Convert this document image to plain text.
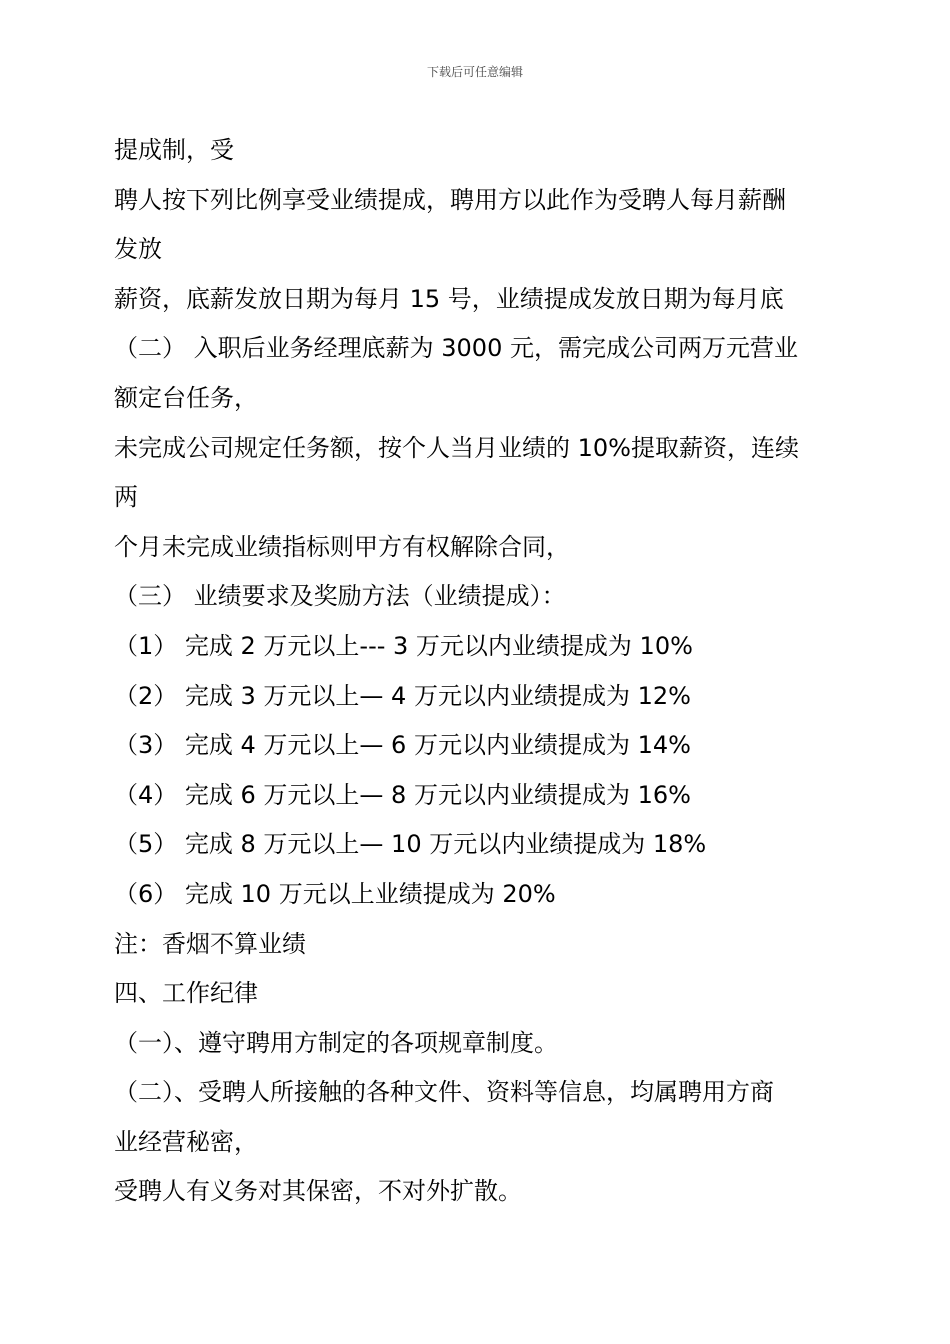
下载后可任意编辑
提成制，受
聘人按下列比例享受业绩提成，聘用方以此作为受聘人每月薪酬
发放
薪资，底薪发放日期为每月 15 号，业绩提成发放日期为每月底
（二） 入职后业务经理底薪为 3000 元，需完成公司两万元营业
额定台任务，
未完成公司规定任务额，按个人当月业绩的 10%提取薪资，连续
两
个月未完成业绩指标则甲方有权解除合同，
（三） 业绩要求及奖励方法（业绩提成）：
（1） 完成 2 万元以上--- 3 万元以内业绩提成为 10%
（2） 完成 3 万元以上— 4 万元以内业绩提成为 12%
（3） 完成 4 万元以上— 6 万元以内业绩提成为 14%
（4） 完成 6 万元以上— 8 万元以内业绩提成为 16%
（5） 完成 8 万元以上— 10 万元以内业绩提成为 18%
（6） 完成 10 万元以上业绩提成为 20%
注：香烟不算业绩
四、工作纪律
（一）、遵守聘用方制定的各项规章制度。
（二）、受聘人所接触的各种文件、资料等信息，均属聘用方商
业经营秘密，
受聘人有义务对其保密，不对外扩散。
